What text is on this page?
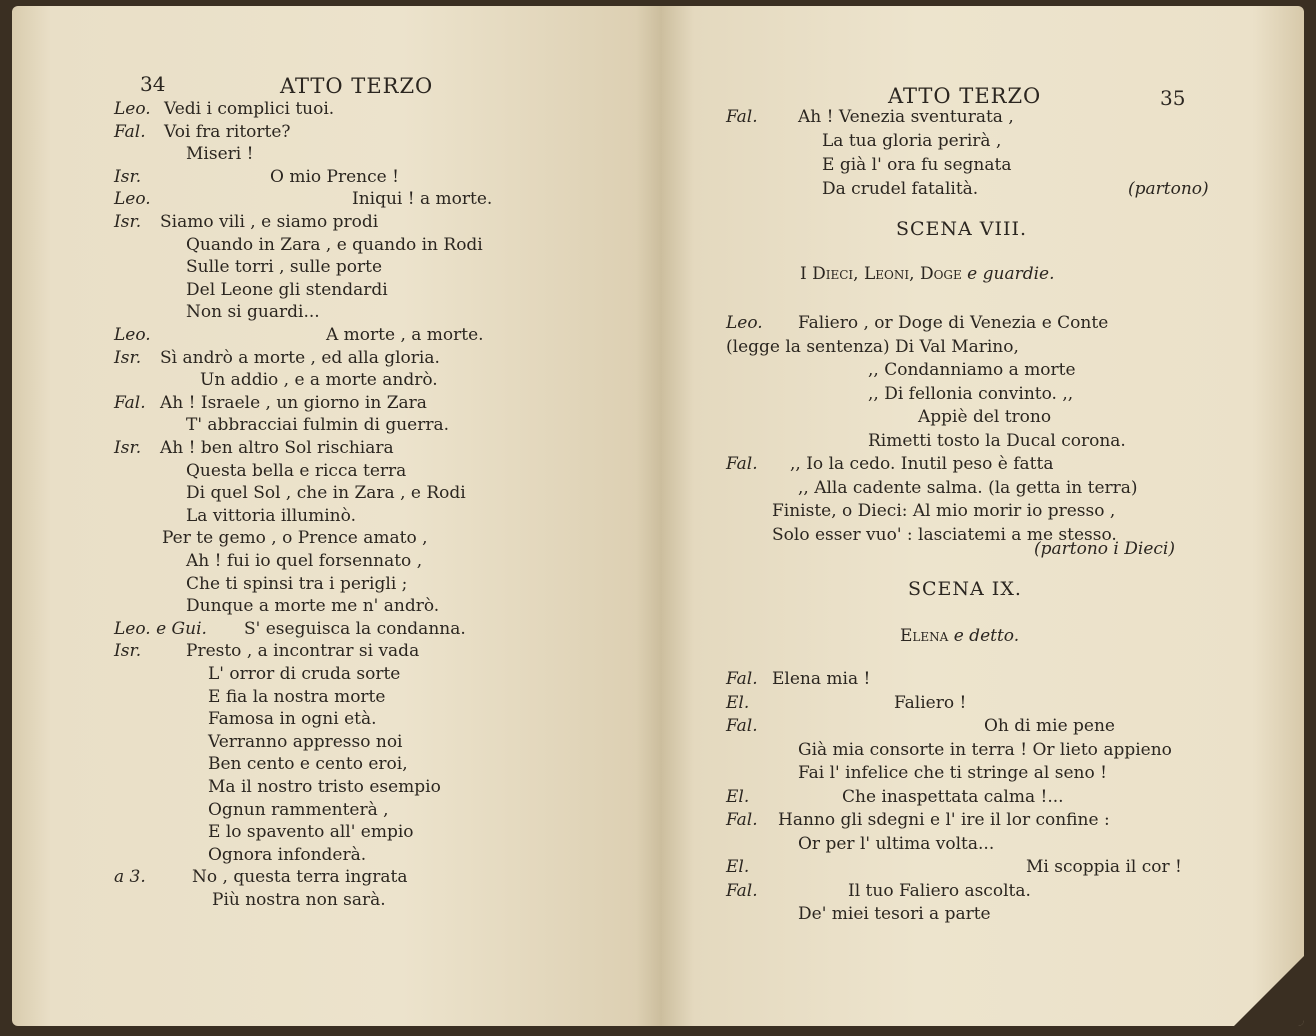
34	ATTO TERZO
Leo. Vedi i complici tuoi.
Fal. Voi fra ritorte?
Miseri !
Isr.	O mio Prence !
Leo.	Iniqui ! a morte.
Isr. Siamo vili , e siamo prodi
Quando in Zara , e quando in Rodi
Sulle torri , sulle porte
Del Leone gli stendardi
Non si guardi...
Leo.	A morte , a morte.
Isr. Sì andrò a morte , ed alla gloria.
Un addio , e a morte andrò.
Fal. Ah ! Israele , un giorno in Zara
T' abbracciai fulmin di guerra.
Isr. Ah ! ben altro Sol rischiara
Questa bella e ricca terra
Di quel Sol , che in Zara , e Rodi
La vittoria illuminò.
Per te gemo , o Prence amato ,
Ah ! fui io quel forsennato ,
Che ti spinsi tra i perigli ;
Dunque a morte me n' andrò.
Leo. e Gui. S' eseguisca la condanna.
Isr.	Presto , a incontrar si vada
L' orror di cruda sorte
E fia la nostra morte
Famosa in ogni età.
Verranno appresso noi
Ben cento e cento eroi,
Ma il nostro tristo esempio
Ognun rammenterà ,
E lo spavento all' empio
Ognora infonderà.
a 3.	No , questa terra ingrata
Più nostra non sarà.
ATTO TERZO	35
Fal. Ah ! Venezia sventurata ,
La tua gloria perirà ,
E già l' ora fu segnata
Da crudel fatalità.	(partono)
SCENA VIII.
I Dieci, Leoni, Doge e guardie.
Leo. Faliero , or Doge di Venezia e Conte
(legge la sentenza) Di Val Marino,
,, Condanniamo a morte
,, Di fellonia convinto. ,,
Appiè del trono
Rimetti tosto la Ducal corona.
Fal. ,, Io la cedo. Inutil peso è fatta
,, Alla cadente salma. (la getta in terra)
Finiste, o Dieci: Al mio morir io presso ,
Solo esser vuo' : lasciatemi a me stesso.
(partono i Dieci)
SCENA IX.
Elena e detto.
Fal. Elena mia !
El.	Faliero !
Fal.	Oh di mie pene
Già mia consorte in terra ! Or lieto appieno
Fai l' infelice che ti stringe al seno !
El.	Che inaspettata calma !...
Fal. Hanno gli sdegni e l' ire il lor confine :
Or per l' ultima volta...
El.	Mi scoppia il cor !
Fal.	Il tuo Faliero ascolta.
De' miei tesori a parte
